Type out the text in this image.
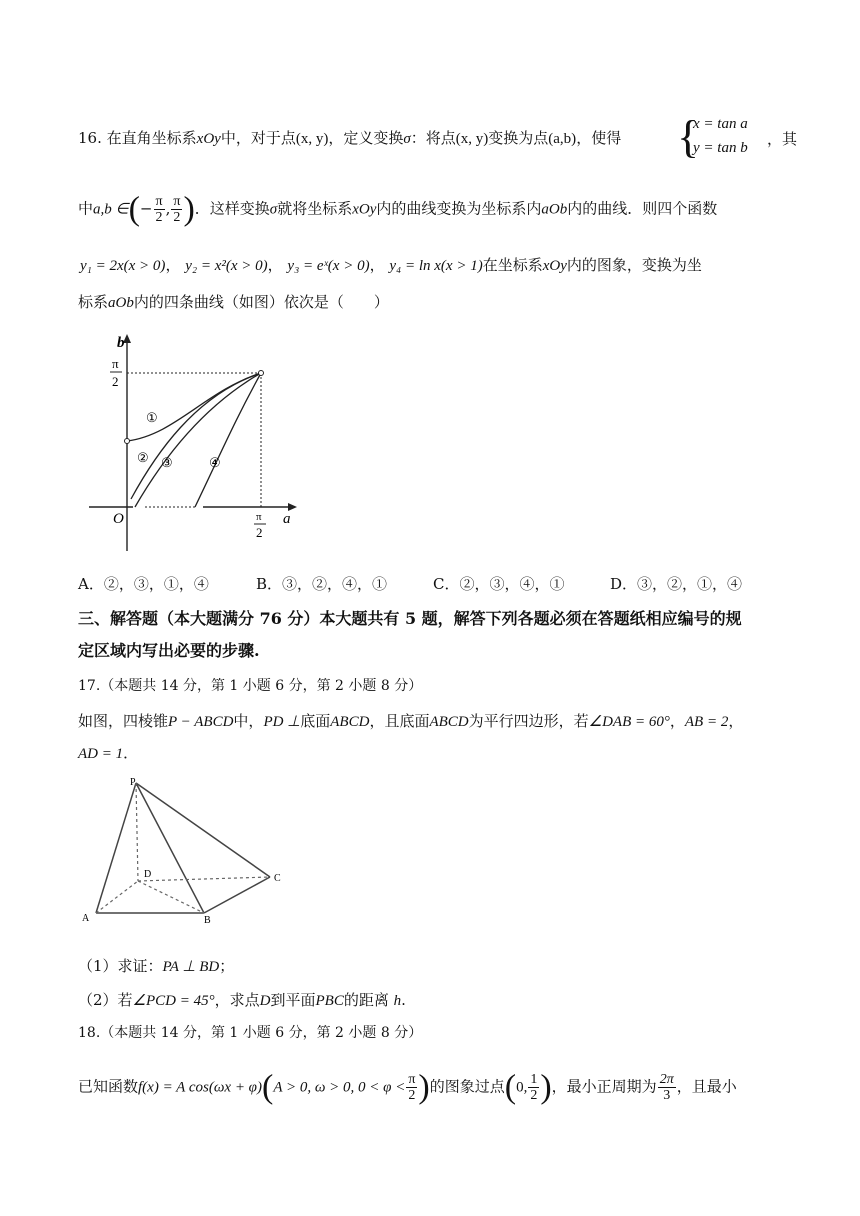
16. 在直角坐标系xOy中，对于点(x, y)，定义变换σ：将点(x, y)变换为点(a,b)，使得 {
x = tan a
y = tan b ，其
中a,b ∈(− $\frac{\pi}{2}$ , $\frac{\pi}{2}$ )．这样变换σ就将坐标系xOy内的曲线变换为坐标系内aOb内的曲线．则四个函数
y₁ = 2x(x > 0)， y₂ = x²(x > 0)， y₃ = eˣ(x > 0)， y₄ = ln x(x > 1)在坐标系xOy内的图象，变换为坐
标系aOb内的四条曲线（如图）依次是（　　）
b
a
O
π
2
π
2
①
② ③	④
A．②，③，①，④	B．③，②，④，①	C．②，③，④，①	D．③，②，①，④
三、解答题（本大题满分 76 分）本大题共有 5 题，解答下列各题必须在答题纸相应编号的规
定区域内写出必要的步骤.
17.（本题共 14 分，第 1 小题 6 分，第 2 小题 8 分）
如图，四棱锥P − ABCD中，PD ⊥底面ABCD，且底面ABCD为平行四边形，若∠DAB = 60°，AB = 2，
AD = 1．
P
D	C
A	B
（1）求证：PA ⊥ BD；
（2）若∠PCD = 45°，求点D到平面PBC的距离 h.
18.（本题共 14 分，第 1 小题 6 分，第 2 小题 8 分）
已知函数f(x) = A cos(ωx + φ)(A > 0, ω > 0, $0 < \varphi < \frac{\pi}{2}$ )的图象过点(0, $\frac{1}{2}$ )，最小正周期为 $\frac{2\pi}{3}$ ，且最小
